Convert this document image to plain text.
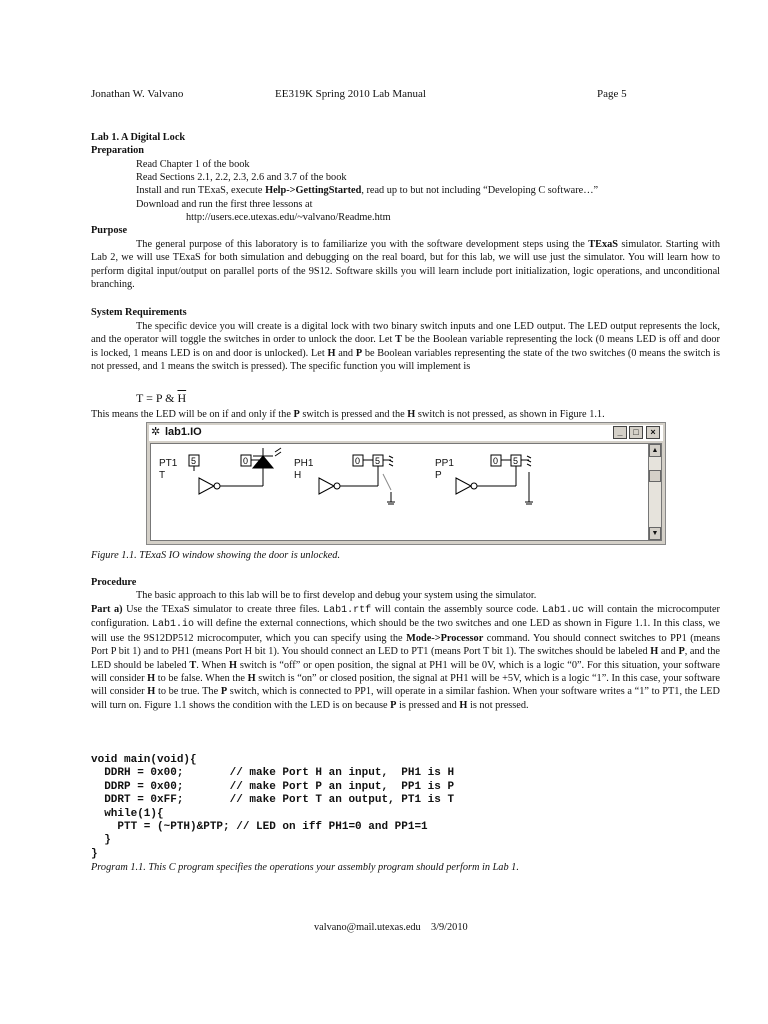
Jonathan W. Valvano	EE319K Spring 2010 Lab Manual	Page 5
Lab 1. A Digital Lock
Preparation
Read Chapter 1 of the book
Read Sections 2.1, 2.2, 2.3, 2.6 and 3.7 of the book
Install and run TExaS, execute Help->GettingStarted, read up to but not including “Developing C software…”
Download and run the first three lessons at
http://users.ece.utexas.edu/~valvano/Readme.htm
Purpose
The general purpose of this laboratory is to familiarize you with the software development steps using the TExaS simulator. Starting with Lab 2, we will use TExaS for both simulation and debugging on the real board, but for this lab, we will use just the simulator. You will learn how to perform digital input/output on parallel ports of the 9S12. Software skills you will learn include port initialization, logic operations, and unconditional branching.
System Requirements
The specific device you will create is a digital lock with two binary switch inputs and one LED output. The LED output represents the lock, and the operator will toggle the switches in order to unlock the door. Let T be the Boolean variable representing the lock (0 means LED is off and door is locked, 1 means LED is on and door is unlocked). Let H and P be Boolean variables representing the state of the two switches (0 means the switch is not pressed, and 1 means the switch is pressed). The specific function you will implement is
T = P & $\overline{H}$
This means the LED will be on if and only if the P switch is pressed and the H switch is not pressed, as shown in Figure 1.1.
✲ lab1.IO	_	□	×
PT1
T
PH1
H
PP1
P
5	0	0 5	0 5
▲
▼
Figure 1.1. TExaS IO window showing the door is unlocked.
Procedure
The basic approach to this lab will be to first develop and debug your system using the simulator.
Part a) Use the TExaS simulator to create three files. Lab1.rtf will contain the assembly source code. Lab1.uc will contain the microcomputer configuration. Lab1.io will define the external connections, which should be the two switches and one LED as shown in Figure 1.1. In this class, we will use the 9S12DP512 microcomputer, which you can specify using the Mode->Processor command. You should connect switches to PP1 (means Port P bit 1) and to PH1 (means Port H bit 1). You should connect an LED to PT1 (means Port T bit 1). The switches should be labeled H and P, and the LED should be labeled T. When H switch is “off” or open position, the signal at PH1 will be 0V, which is a logic “0”. For this situation, your software will consider H to be false. When the H switch is “on” or closed position, the signal at PH1 will be +5V, which is a logic “1”. In this case, your software will consider H to be true. The P switch, which is connected to PP1, will operate in a similar fashion. When your software writes a “1” to PT1, the LED will turn on. Figure 1.1 shows the condition with the LED is on because P is pressed and H is not pressed.
void main(void){
DDRH = 0x00;       // make Port H an input,  PH1 is H
DDRP = 0x00;       // make Port P an input,  PP1 is P
DDRT = 0xFF;       // make Port T an output, PT1 is T
while(1){
PTT = (~PTH)&PTP; // LED on iff PH1=0 and PP1=1
}
}
Program 1.1. This C program specifies the operations your assembly program should perform in Lab 1.
valvano@mail.utexas.edu 3/9/2010
